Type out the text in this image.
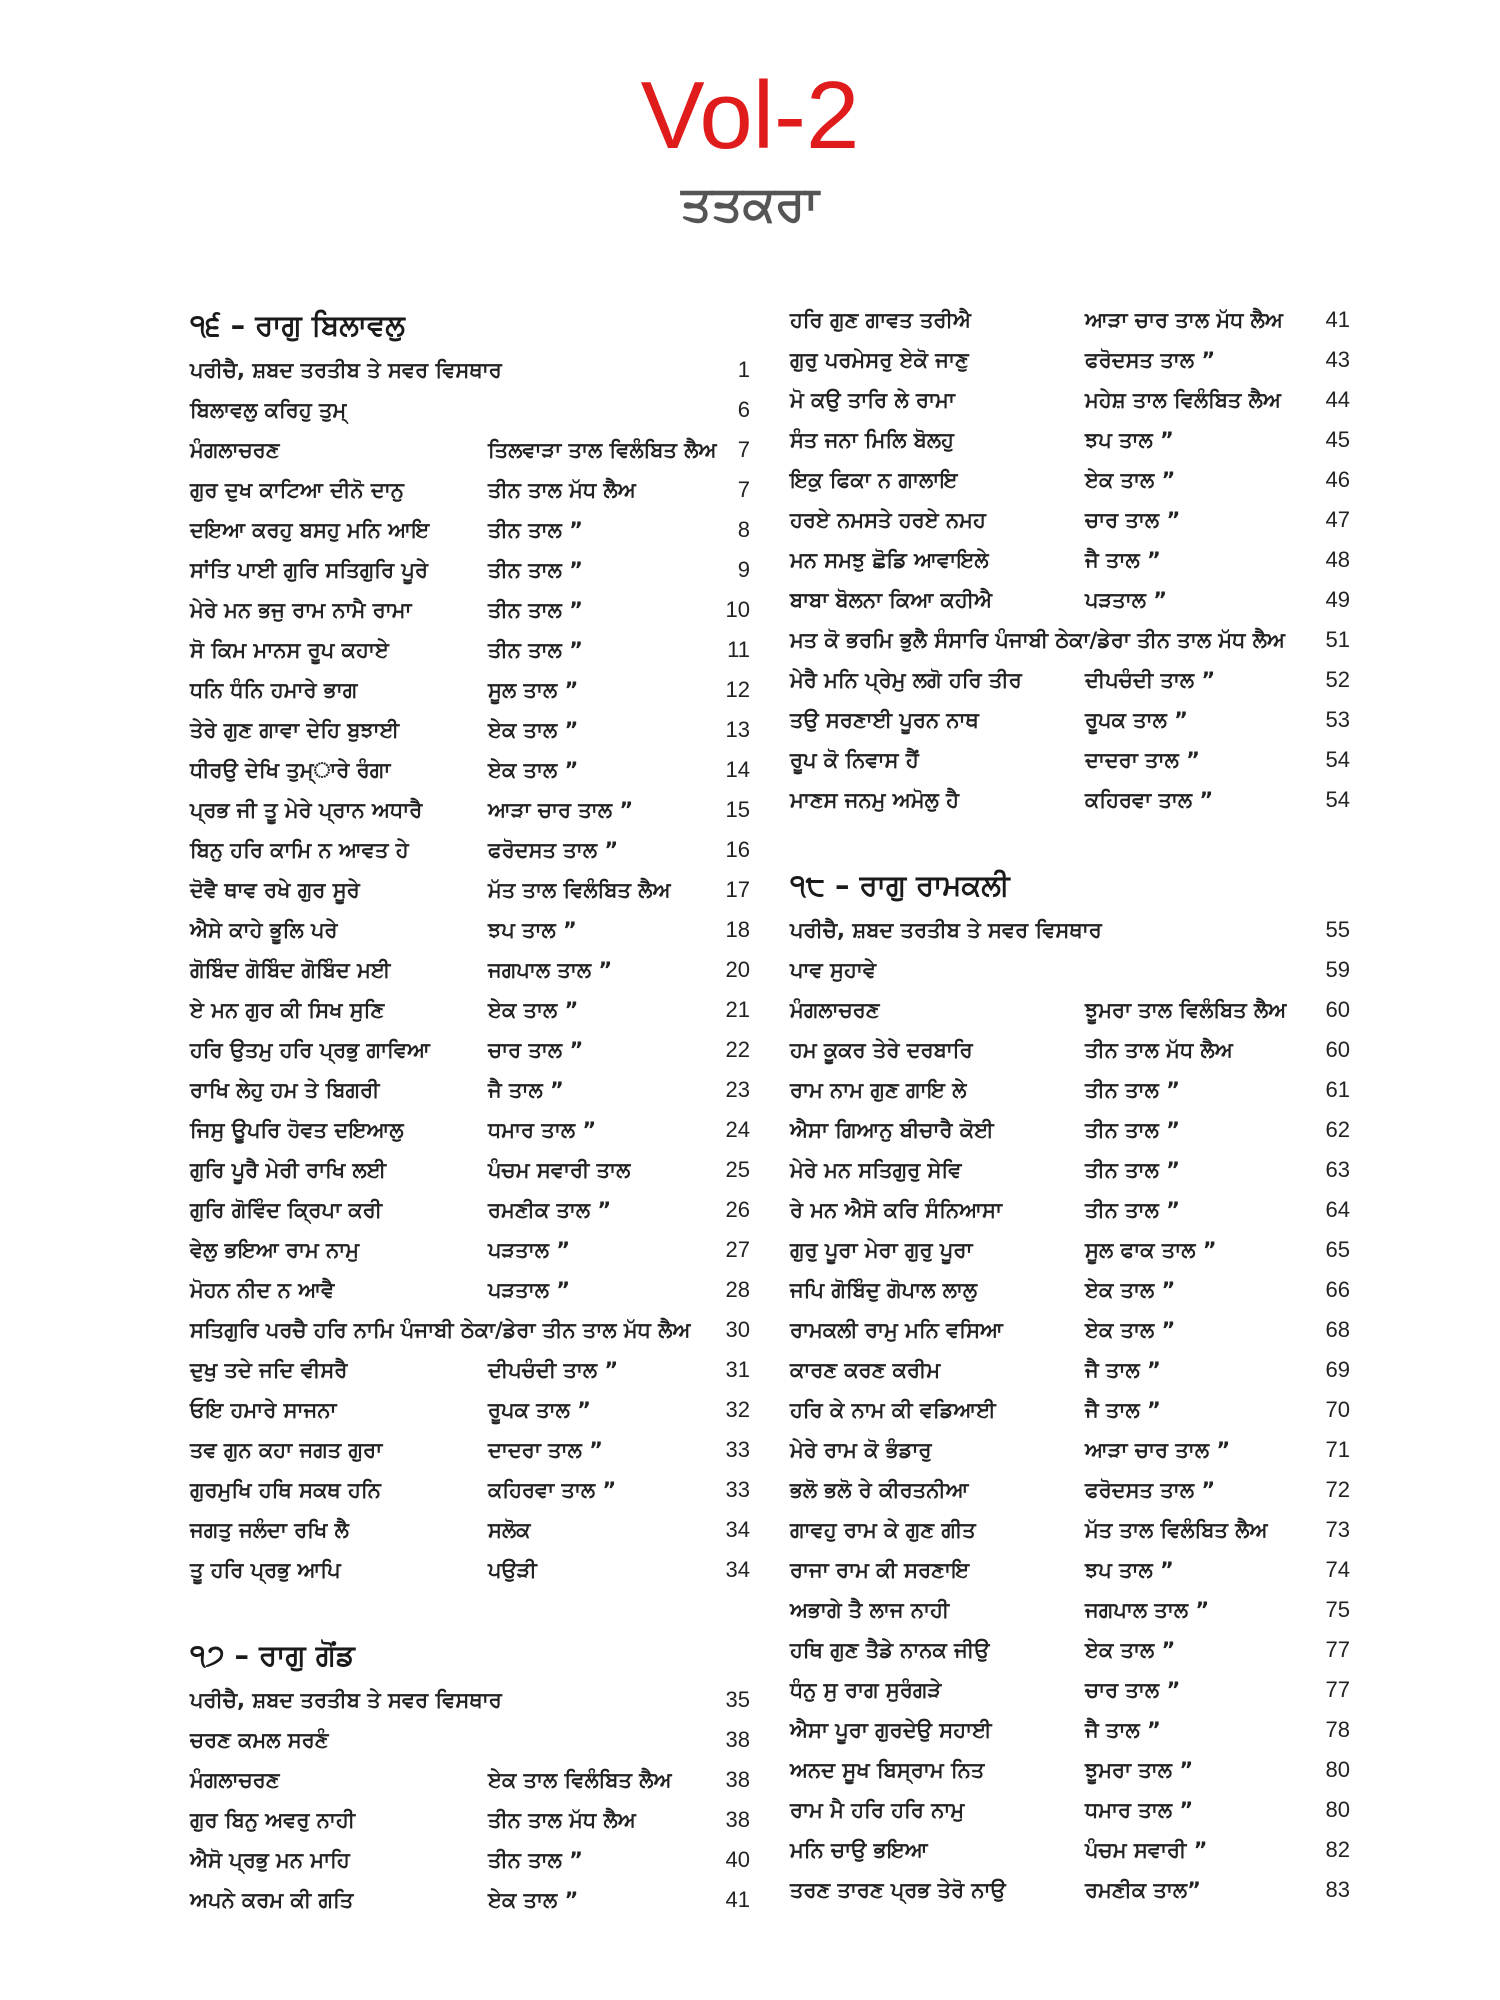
Vol-2
ਤਤਕਰਾ
੧੬ – ਰਾਗੁ ਬਿਲਾਵਲੁ
ਪਰੀਚੈ, ਸ਼ਬਦ ਤਰਤੀਬ ਤੇ ਸਵਰ ਵਿਸਥਾਰ	1
ਬਿਲਾਵਲੁ ਕਰਿਹੁ ਤੁਮ੍	6
ਮੰਗਲਾਚਰਣ	ਤਿਲਵਾੜਾ ਤਾਲ ਵਿਲੰਬਿਤ ਲੈਅ 7
ਗੁਰ ਦੁਖ ਕਾਟਿਆ ਦੀਨੋ ਦਾਨੁ	ਤੀਨ ਤਾਲ ਮੱਧ ਲੈਅ	7
ਦਇਆ ਕਰਹੁ ਬਸਹੁ ਮਨਿ ਆਇ	ਤੀਨ ਤਾਲ ”	8
ਸਾਂਤਿ ਪਾਈ ਗੁਰਿ ਸਤਿਗੁਰਿ ਪੂਰੇ	ਤੀਨ ਤਾਲ ”	9
ਮੇਰੇ ਮਨ ਭਜੁ ਰਾਮ ਨਾਮੈ ਰਾਮਾ	ਤੀਨ ਤਾਲ ”	10
ਸੋ ਕਿਮ ਮਾਨਸ ਰੂਪ ਕਹਾਏ	ਤੀਨ ਤਾਲ ”	11
ਧਨਿ ਧੰਨਿ ਹਮਾਰੇ ਭਾਗ	ਸੂਲ ਤਾਲ ”	12
ਤੇਰੇ ਗੁਣ ਗਾਵਾ ਦੇਹਿ ਬੁਝਾਈ	ਏਕ ਤਾਲ ”	13
ਧੀਰਉ ਦੇਖਿ ਤੁਮ੍ਾਰੇ ਰੰਗਾ	ਏਕ ਤਾਲ ”	14
ਪ੍ਰਭ ਜੀ ਤੂ ਮੇਰੇ ਪ੍ਰਾਨ ਅਧਾਰੈ	ਆੜਾ ਚਾਰ ਤਾਲ ”	15
ਬਿਨੁ ਹਰਿ ਕਾਮਿ ਨ ਆਵਤ ਹੇ	ਫਰੋਦਸਤ ਤਾਲ ”	16
ਦੋਵੈ ਥਾਵ ਰਖੇ ਗੁਰ ਸੂਰੇ	ਮੱਤ ਤਾਲ ਵਿਲੰਬਿਤ ਲੈਅ	17
ਐਸੇ ਕਾਹੇ ਭੂਲਿ ਪਰੇ	ਝਪ ਤਾਲ ”	18
ਗੋਬਿੰਦ ਗੋਬਿੰਦ ਗੋਬਿੰਦ ਮਈ	ਜਗਪਾਲ ਤਾਲ ”	20
ਏ ਮਨ ਗੁਰ ਕੀ ਸਿਖ ਸੁਣਿ	ਏਕ ਤਾਲ ”	21
ਹਰਿ ਉਤਮੁ ਹਰਿ ਪ੍ਰਭੁ ਗਾਵਿਆ	ਚਾਰ ਤਾਲ ”	22
ਰਾਖਿ ਲੇਹੁ ਹਮ ਤੇ ਬਿਗਰੀ	ਜੈ ਤਾਲ ”	23
ਜਿਸੁ ਊਪਰਿ ਹੋਵਤ ਦਇਆਲੁ	ਧਮਾਰ ਤਾਲ ”	24
ਗੁਰਿ ਪੂਰੈ ਮੇਰੀ ਰਾਖਿ ਲਈ	ਪੰਚਮ ਸਵਾਰੀ ਤਾਲ	25
ਗੁਰਿ ਗੋਵਿੰਦ ਕ੍ਰਿਪਾ ਕਰੀ	ਰਮਣੀਕ ਤਾਲ ”	26
ਵੇਲੁ ਭਇਆ ਰਾਮ ਨਾਮੁ	ਪੜਤਾਲ ”	27
ਮੋਹਨ ਨੀਦ ਨ ਆਵੈ	ਪੜਤਾਲ ”	28
ਸਤਿਗੁਰਿ ਪਰਚੈ ਹਰਿ ਨਾਮਿ ਪੰਜਾਬੀ ਠੇਕਾ/ਡੇਰਾ ਤੀਨ ਤਾਲ ਮੱਧ ਲੈਅ	30
ਦੁਖੁ ਤਦੇ ਜਦਿ ਵੀਸਰੈ	ਦੀਪਚੰਦੀ ਤਾਲ ”	31
ਓਇ ਹਮਾਰੇ ਸਾਜਨਾ	ਰੂਪਕ ਤਾਲ ”	32
ਤਵ ਗੁਨ ਕਹਾ ਜਗਤ ਗੁਰਾ	ਦਾਦਰਾ ਤਾਲ ”	33
ਗੁਰਮੁਖਿ ਹਥਿ ਸਕਥ ਹਨਿ	ਕਹਿਰਵਾ ਤਾਲ ”	33
ਜਗਤੁ ਜਲੰਦਾ ਰਖਿ ਲੈ	ਸਲੋਕ	34
ਤੂ ਹਰਿ ਪ੍ਰਭੁ ਆਪਿ	ਪਉੜੀ	34
੧੭ – ਰਾਗੁ ਗੋਂਡ
ਪਰੀਚੈ, ਸ਼ਬਦ ਤਰਤੀਬ ਤੇ ਸਵਰ ਵਿਸਥਾਰ	35
ਚਰਣ ਕਮਲ ਸਰਣੰ	38
ਮੰਗਲਾਚਰਣ	ਏਕ ਤਾਲ ਵਿਲੰਬਿਤ ਲੈਅ	38
ਗੁਰ ਬਿਨੁ ਅਵਰੁ ਨਾਹੀ	ਤੀਨ ਤਾਲ ਮੱਧ ਲੈਅ	38
ਐਸੋ ਪ੍ਰਭੁ ਮਨ ਮਾਹਿ	ਤੀਨ ਤਾਲ ”	40
ਅਪਨੇ ਕਰਮ ਕੀ ਗਤਿ	ਏਕ ਤਾਲ ”	41
ਹਰਿ ਗੁਣ ਗਾਵਤ ਤਰੀਐ	ਆੜਾ ਚਾਰ ਤਾਲ ਮੱਧ ਲੈਅ	41
ਗੁਰੁ ਪਰਮੇਸਰੁ ਏਕੋ ਜਾਣੁ	ਫਰੋਦਸਤ ਤਾਲ ”	43
ਮੋ ਕਉ ਤਾਰਿ ਲੇ ਰਾਮਾ	ਮਹੇਸ਼ ਤਾਲ ਵਿਲੰਬਿਤ ਲੈਅ	44
ਸੰਤ ਜਨਾ ਮਿਲਿ ਬੋਲਹੁ	ਝਪ ਤਾਲ ”	45
ਇਕੁ ਫਿਕਾ ਨ ਗਾਲਾਇ	ਏਕ ਤਾਲ ”	46
ਹਰਏ ਨਮਸਤੇ ਹਰਏ ਨਮਹ	ਚਾਰ ਤਾਲ ”	47
ਮਨ ਸਮਝੁ ਛੋਡਿ ਆਵਾਇਲੇ	ਜੈ ਤਾਲ ”	48
ਬਾਬਾ ਬੋਲਨਾ ਕਿਆ ਕਹੀਐ	ਪੜਤਾਲ ”	49
ਮਤ ਕੋ ਭਰਮਿ ਭੁਲੈ ਸੰਸਾਰਿ ਪੰਜਾਬੀ ਠੇਕਾ/ਡੇਰਾ ਤੀਨ ਤਾਲ ਮੱਧ ਲੈਅ	51
ਮੇਰੈ ਮਨਿ ਪ੍ਰੇਮੁ ਲਗੋ ਹਰਿ ਤੀਰ	ਦੀਪਚੰਦੀ ਤਾਲ ”	52
ਤਉ ਸਰਣਾਈ ਪੂਰਨ ਨਾਥ	ਰੂਪਕ ਤਾਲ ”	53
ਰੂਪ ਕੋ ਨਿਵਾਸ ਹੈਂ	ਦਾਦਰਾ ਤਾਲ ”	54
ਮਾਣਸ ਜਨਮੁ ਅਮੋਲੁ ਹੈ	ਕਹਿਰਵਾ ਤਾਲ ”	54
੧੮ – ਰਾਗੁ ਰਾਮਕਲੀ
ਪਰੀਚੈ, ਸ਼ਬਦ ਤਰਤੀਬ ਤੇ ਸਵਰ ਵਿਸਥਾਰ	55
ਪਾਵ ਸੁਹਾਵੇ	59
ਮੰਗਲਾਚਰਣ	ਝੂਮਰਾ ਤਾਲ ਵਿਲੰਬਿਤ ਲੈਅ	60
ਹਮ ਕੂਕਰ ਤੇਰੇ ਦਰਬਾਰਿ	ਤੀਨ ਤਾਲ ਮੱਧ ਲੈਅ	60
ਰਾਮ ਨਾਮ ਗੁਣ ਗਾਇ ਲੇ	ਤੀਨ ਤਾਲ ”	61
ਐਸਾ ਗਿਆਨੁ ਬੀਚਾਰੈ ਕੋਈ	ਤੀਨ ਤਾਲ ”	62
ਮੇਰੇ ਮਨ ਸਤਿਗੁਰੁ ਸੇਵਿ	ਤੀਨ ਤਾਲ ”	63
ਰੇ ਮਨ ਐਸੋ ਕਰਿ ਸੰਨਿਆਸਾ	ਤੀਨ ਤਾਲ ”	64
ਗੁਰੁ ਪੂਰਾ ਮੇਰਾ ਗੁਰੁ ਪੂਰਾ	ਸੂਲ ਫਾਕ ਤਾਲ ”	65
ਜਪਿ ਗੋਬਿੰਦੁ ਗੋਪਾਲ ਲਾਲੁ	ਏਕ ਤਾਲ ”	66
ਰਾਮਕਲੀ ਰਾਮੁ ਮਨਿ ਵਸਿਆ	ਏਕ ਤਾਲ ”	68
ਕਾਰਣ ਕਰਣ ਕਰੀਮ	ਜੈ ਤਾਲ ”	69
ਹਰਿ ਕੇ ਨਾਮ ਕੀ ਵਡਿਆਈ	ਜੈ ਤਾਲ ”	70
ਮੇਰੇ ਰਾਮ ਕੋ ਭੰਡਾਰੁ	ਆੜਾ ਚਾਰ ਤਾਲ ”	71
ਭਲੋ ਭਲੋ ਰੇ ਕੀਰਤਨੀਆ	ਫਰੋਦਸਤ ਤਾਲ ”	72
ਗਾਵਹੁ ਰਾਮ ਕੇ ਗੁਣ ਗੀਤ	ਮੱਤ ਤਾਲ ਵਿਲੰਬਿਤ ਲੈਅ	73
ਰਾਜਾ ਰਾਮ ਕੀ ਸਰਣਾਇ	ਝਪ ਤਾਲ ”	74
ਅਭਾਗੇ ਤੈ ਲਾਜ ਨਾਹੀ	ਜਗਪਾਲ ਤਾਲ ”	75
ਹਥਿ ਗੁਣ ਤੈਡੇ ਨਾਨਕ ਜੀਉ	ਏਕ ਤਾਲ ”	77
ਧੰਨੁ ਸੁ ਰਾਗ ਸੁਰੰਗੜੇ	ਚਾਰ ਤਾਲ ”	77
ਐਸਾ ਪੂਰਾ ਗੁਰਦੇਉ ਸਹਾਈ	ਜੈ ਤਾਲ ”	78
ਅਨਦ ਸੂਖ ਬਿਸ੍ਰਾਮ ਨਿਤ	ਝੂਮਰਾ ਤਾਲ ”	80
ਰਾਮ ਮੈ ਹਰਿ ਹਰਿ ਨਾਮੁ	ਧਮਾਰ ਤਾਲ ”	80
ਮਨਿ ਚਾਉ ਭਇਆ	ਪੰਚਮ ਸਵਾਰੀ ”	82
ਤਰਣ ਤਾਰਣ ਪ੍ਰਭ ਤੇਰੋ ਨਾਉ	ਰਮਣੀਕ ਤਾਲ”	83
